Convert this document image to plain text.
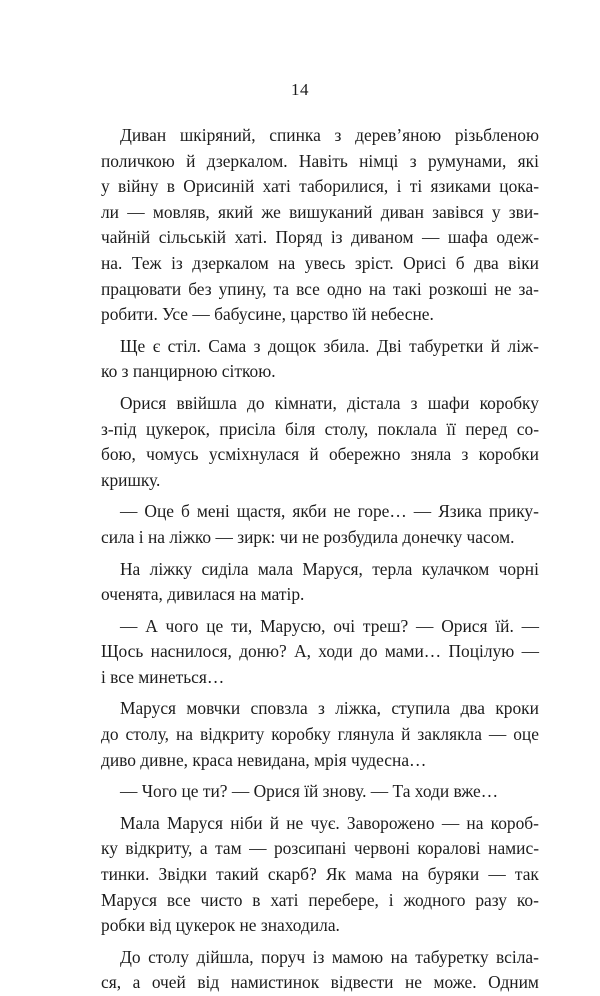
14
Диван шкіряний, спинка з дерев’яною різьбленою
поличкою й дзеркалом. Навіть німці з румунами, які
у війну в Орисиній хаті таборилися, і ті язиками цока-
ли — мовляв, який же вишуканий диван завівся у зви-
чайній сільській хаті. Поряд із диваном — шафа одеж-
на. Теж із дзеркалом на увесь зріст. Орисі б два віки
працювати без упину, та все одно на такі розкоші не за-
робити. Усе — бабусине, царство їй небесне.
Ще є стіл. Сама з дощок збила. Дві табуретки й ліж-
ко з панцирною сіткою.
Орися ввійшла до кімнати, дістала з шафи коробку
з-під цукерок, присіла біля столу, поклала її перед со-
бою, чомусь усміхнулася й обережно зняла з коробки
кришку.
— Оце б мені щастя, якби не горе… — Язика прику-
сила і на ліжко — зирк: чи не розбудила донечку часом.
На ліжку сиділа мала Маруся, терла кулачком чорні
оченята, дивилася на матір.
— А чого це ти, Марусю, очі треш? — Орися їй. —
Щось наснилося, доню? А, ходи до мами… Поцілую —
і все минеться…
Маруся мовчки сповзла з ліжка, ступила два кроки
до столу, на відкриту коробку глянула й заклякла — оце
диво дивне, краса невидана, мрія чудесна…
— Чого це ти? — Орися їй знову. — Та ходи вже…
Мала Маруся ніби й не чує. Заворожено — на короб-
ку відкриту, а там — розсипані червоні коралові намис-
тинки. Звідки такий скарб? Як мама на буряки — так
Маруся все чисто в хаті перебере, і жодного разу ко-
робки від цукерок не знаходила.
До столу дійшла, поруч із мамою на табуретку всіла-
ся, а очей від намистинок відвести не може. Одним
